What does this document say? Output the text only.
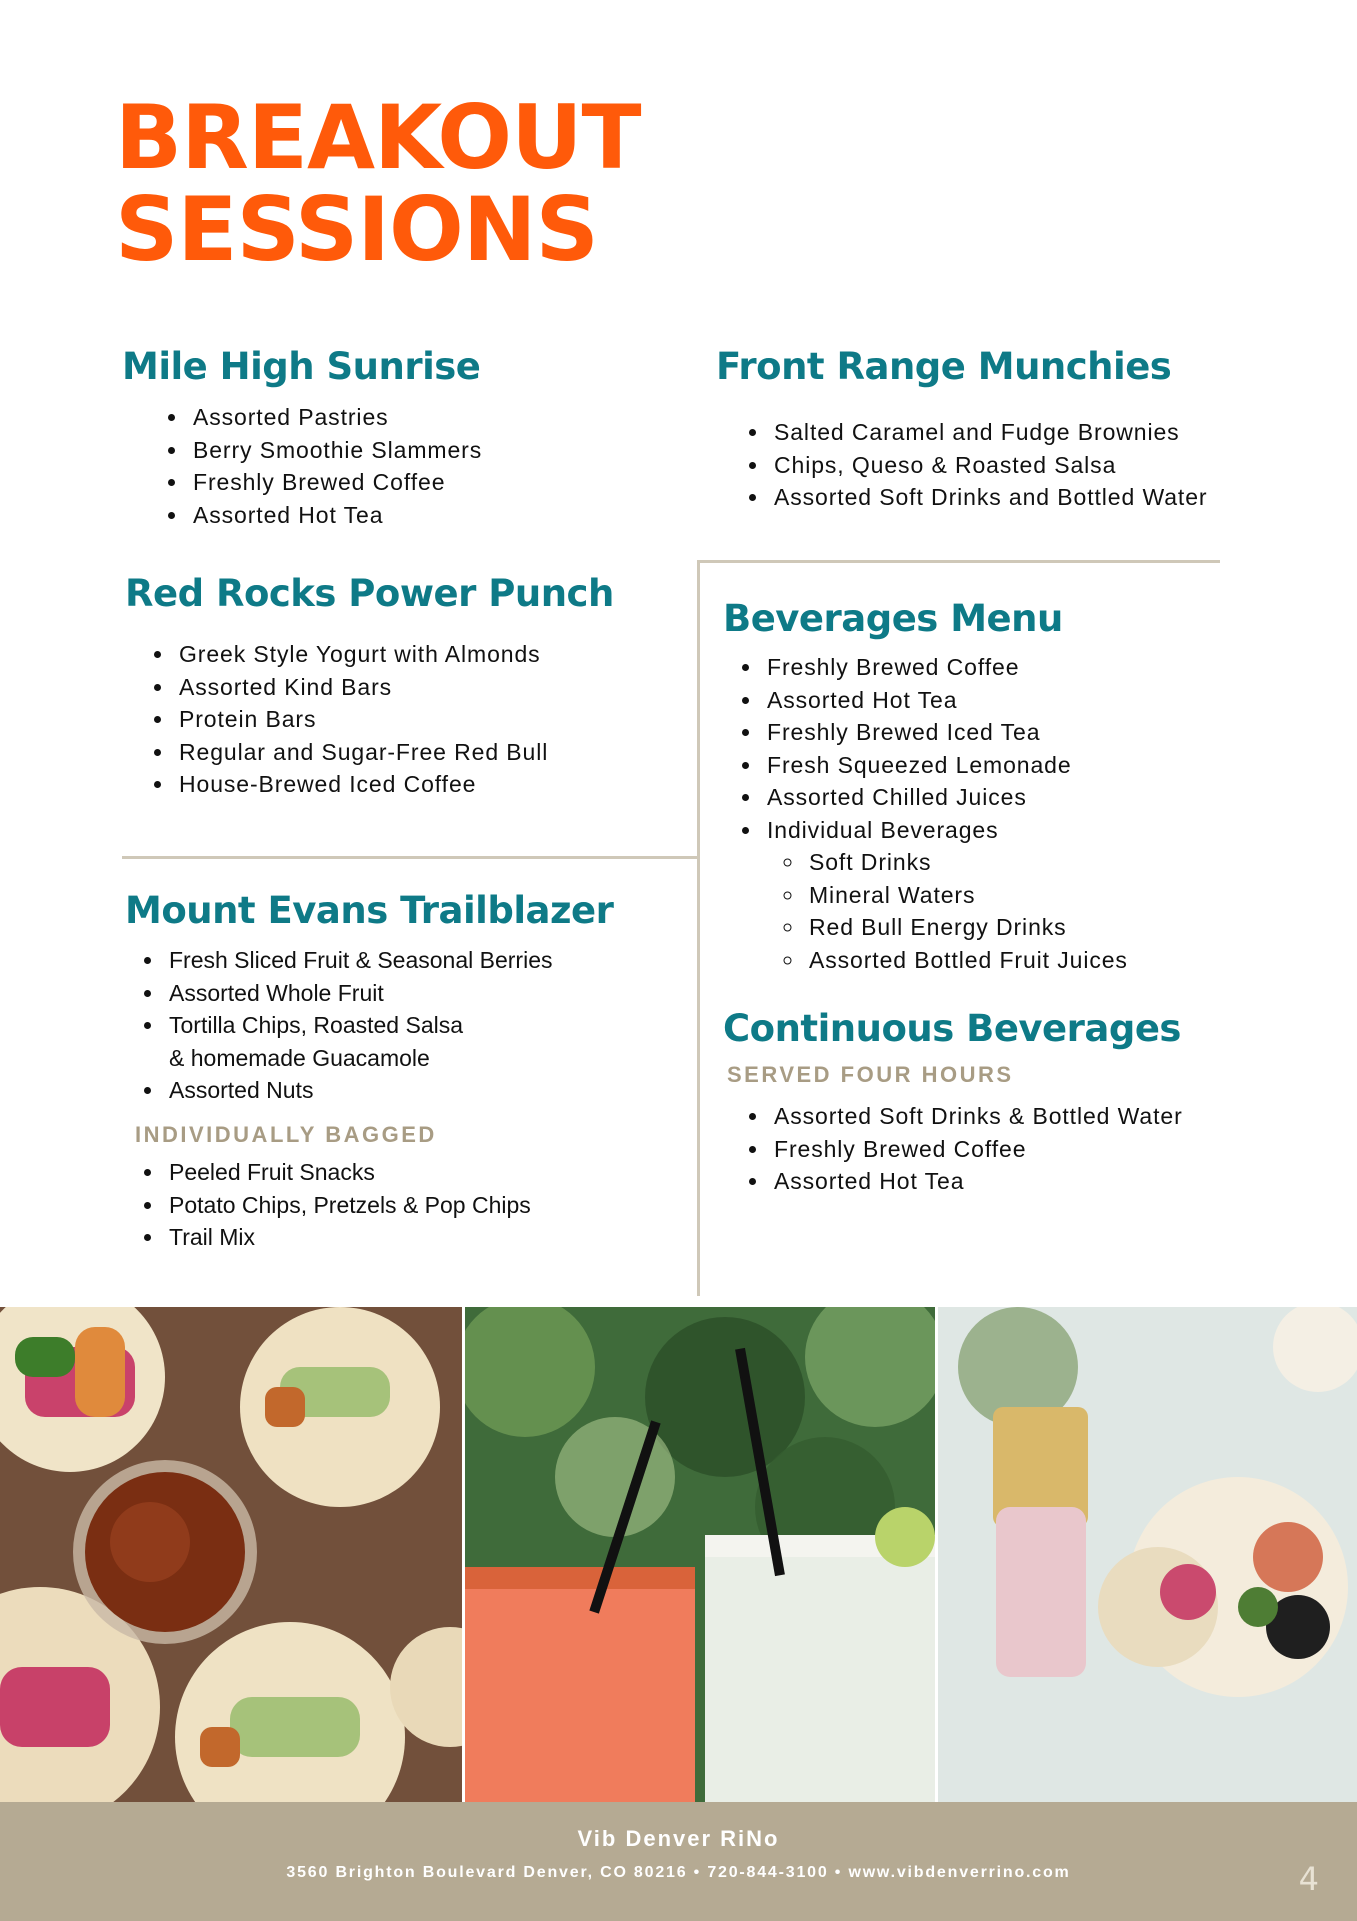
BREAKOUT
SESSIONS
Mile High Sunrise
• Assorted Pastries
• Berry Smoothie Slammers
• Freshly Brewed Coffee
• Assorted Hot Tea
Front Range Munchies
• Salted Caramel and Fudge Brownies
• Chips, Queso & Roasted Salsa
• Assorted Soft Drinks and Bottled Water
Red Rocks Power Punch
• Greek Style Yogurt with Almonds
• Assorted Kind Bars
• Protein Bars
• Regular and Sugar-Free Red Bull
• House-Brewed Iced Coffee
Beverages Menu
• Freshly Brewed Coffee
• Assorted Hot Tea
• Freshly Brewed Iced Tea
• Fresh Squeezed Lemonade
• Assorted Chilled Juices
• Individual Beverages
◦ Soft Drinks
◦ Mineral Waters
◦ Red Bull Energy Drinks
◦ Assorted Bottled Fruit Juices
Mount Evans Trailblazer
• Fresh Sliced Fruit & Seasonal Berries
• Assorted Whole Fruit
• Tortilla Chips, Roasted Salsa
& homemade Guacamole
• Assorted Nuts
INDIVIDUALLY BAGGED
• Peeled Fruit Snacks
• Potato Chips, Pretzels & Pop Chips
• Trail Mix
Continuous Beverages
SERVED FOUR HOURS
• Assorted Soft Drinks & Bottled Water
• Freshly Brewed Coffee
• Assorted Hot Tea
Vib Denver RiNo
3560 Brighton Boulevard Denver, CO 80216 • 720-844-3100 • www.vibdenverrino.com	4
